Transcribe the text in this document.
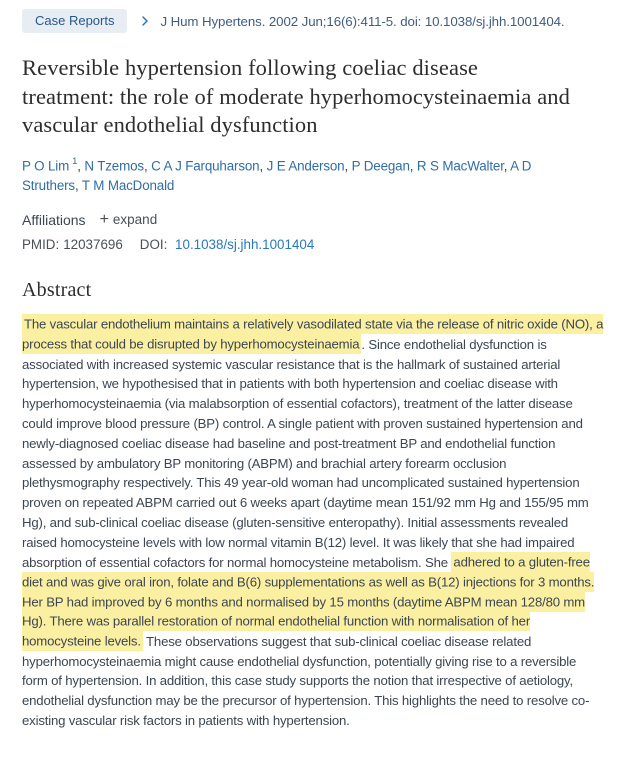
Case Reports	J Hum Hypertens. 2002 Jun;16(6):411-5. doi: 10.1038/sj.jhh.1001404.
Reversible hypertension following coeliac disease treatment: the role of moderate hyperhomocysteinaemia and vascular endothelial dysfunction
P O Lim $^1$, N Tzemos, C A J Farquharson, J E Anderson, P Deegan, R S MacWalter, A D Struthers, T M MacDonald
Affiliations + expand
PMID: 12037696 DOI: 10.1038/sj.jhh.1001404
Abstract

The vascular endothelium maintains a relatively vasodilated state via the release of nitric oxide (NO), a process that could be disrupted by hyperhomocysteinaemia . Since endothelial dysfunction is associated with increased systemic vascular resistance that is the hallmark of sustained arterial hypertension, we hypothesised that in patients with both hypertension and coeliac disease with hyperhomocysteinaemia (via malabsorption of essential cofactors), treatment of the latter disease could improve blood pressure (BP) control. A single patient with proven sustained hypertension and newly-diagnosed coeliac disease had baseline and post-treatment BP and endothelial function assessed by ambulatory BP monitoring (ABPM) and brachial artery forearm occlusion plethysmography respectively. This 49 year-old woman had uncomplicated sustained hypertension proven on repeated ABPM carried out 6 weeks apart (daytime mean 151/92 mm Hg and 155/95 mm Hg), and sub-clinical coeliac disease (gluten-sensitive enteropathy). Initial assessments revealed raised homocysteine levels with low normal vitamin B(12) level. It was likely that she had impaired absorption of essential cofactors for normal homocysteine metabolism. She adhered to a gluten-free diet and was give oral iron, folate and B(6) supplementations as well as B(12) injections for 3 months. Her BP had improved by 6 months and normalised by 15 months (daytime ABPM mean 128/80 mm Hg). There was parallel restoration of normal endothelial function with normalisation of her homocysteine levels. These observations suggest that sub-clinical coeliac disease related hyperhomocysteinaemia might cause endothelial dysfunction, potentially giving rise to a reversible form of hypertension. In addition, this case study supports the notion that irrespective of aetiology, endothelial dysfunction may be the precursor of hypertension. This highlights the need to resolve co-existing vascular risk factors in patients with hypertension.
